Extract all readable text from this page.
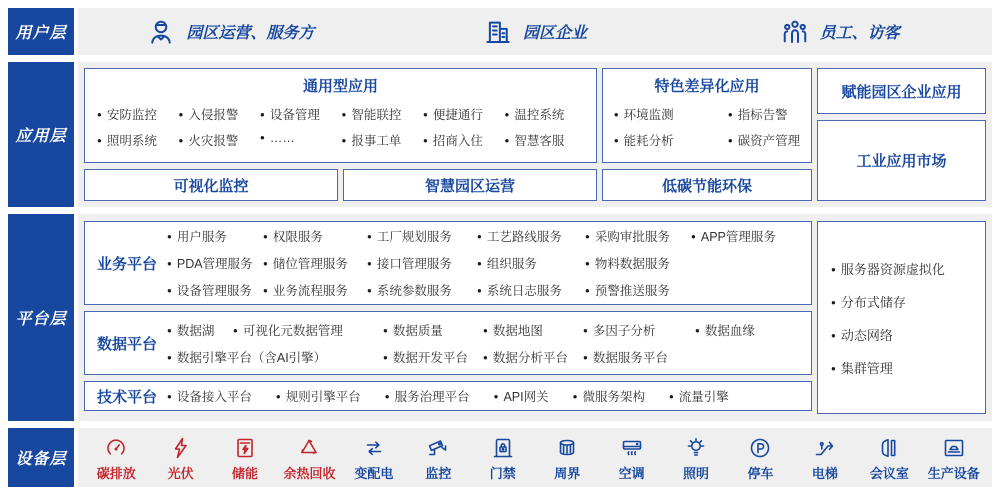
用户层	园区运营、服务方	园区企业	员工、访客
应用层
通用型应用
● 安防监控	● 入侵报警	● 设备管理	● 智能联控	● 便捷通行	● 温控系统
● 照明系统	● 火灾报警	● ……	● 报事工单	● 招商入住	● 智慧客服
特色差异化应用
● 环境监测	● 指标告警
● 能耗分析	● 碳资产管理
可视化监控	智慧园区运营	低碳节能环保
赋能园区企业应用
工业应用市场
平台层
业务平台
● 用户服务	● 权限服务	● 工厂规划服务	● 工艺路线服务	● 采购审批服务	● APP管理服务
● PDA管理服务	● 储位管理服务	● 接口管理服务	● 组织服务	● 物料数据服务
● 设备管理服务	● 业务流程服务	● 系统参数服务	● 系统日志服务	● 预警推送服务
数据平台
● 数据湖	● 可视化元数据管理	● 数据质量	● 数据地图	● 多因子分析	● 数据血缘
● 数据引擎平台（含AI引擎）	● 数据开发平台	● 数据分析平台	● 数据服务平台
技术平台	● 设备接入平台	● 规则引擎平台	● 服务治理平台	● API网关	● 微服务架构	● 流量引擎
● 服务器资源虚拟化
● 分布式储存
● 动态网络
● 集群管理
设备层
碳排放 光伏	储能 余热回收 变配电 监控	门禁	周界	空调	照明	停车	电梯 会议室 生产设备
